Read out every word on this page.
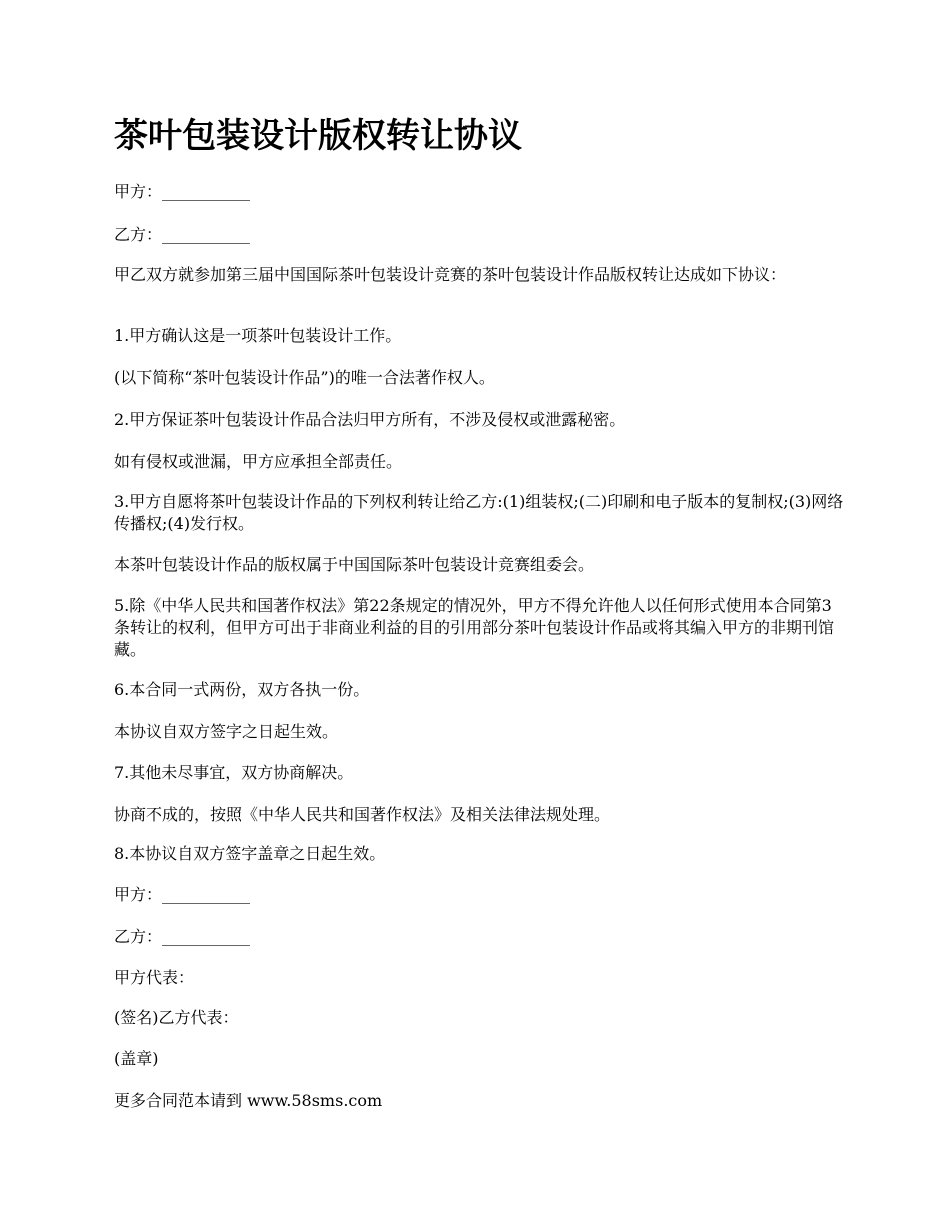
茶叶包装设计版权转让协议

甲方：___________

乙方：___________

甲乙双方就参加第三届中国国际茶叶包装设计竞赛的茶叶包装设计作品版权转让达成如下协议：

1.甲方确认这是一项茶叶包装设计工作。

(以下简称“茶叶包装设计作品”)的唯一合法著作权人。

2.甲方保证茶叶包装设计作品合法归甲方所有，不涉及侵权或泄露秘密。

如有侵权或泄漏，甲方应承担全部责任。

3.甲方自愿将茶叶包装设计作品的下列权利转让给乙方:(1)组装权;(二)印刷和电子版本的复制权;(3)网络传播权;(4)发行权。

本茶叶包装设计作品的版权属于中国国际茶叶包装设计竞赛组委会。

5.除《中华人民共和国著作权法》第22条规定的情况外，甲方不得允许他人以任何形式使用本合同第3条转让的权利，但甲方可出于非商业利益的目的引用部分茶叶包装设计作品或将其编入甲方的非期刊馆藏。

6.本合同一式两份，双方各执一份。

本协议自双方签字之日起生效。

7.其他未尽事宜，双方协商解决。

协商不成的，按照《中华人民共和国著作权法》及相关法律法规处理。

8.本协议自双方签字盖章之日起生效。

甲方：___________

乙方：___________

甲方代表：

(签名)乙方代表：

(盖章)

更多合同范本请到 www.58sms.com
